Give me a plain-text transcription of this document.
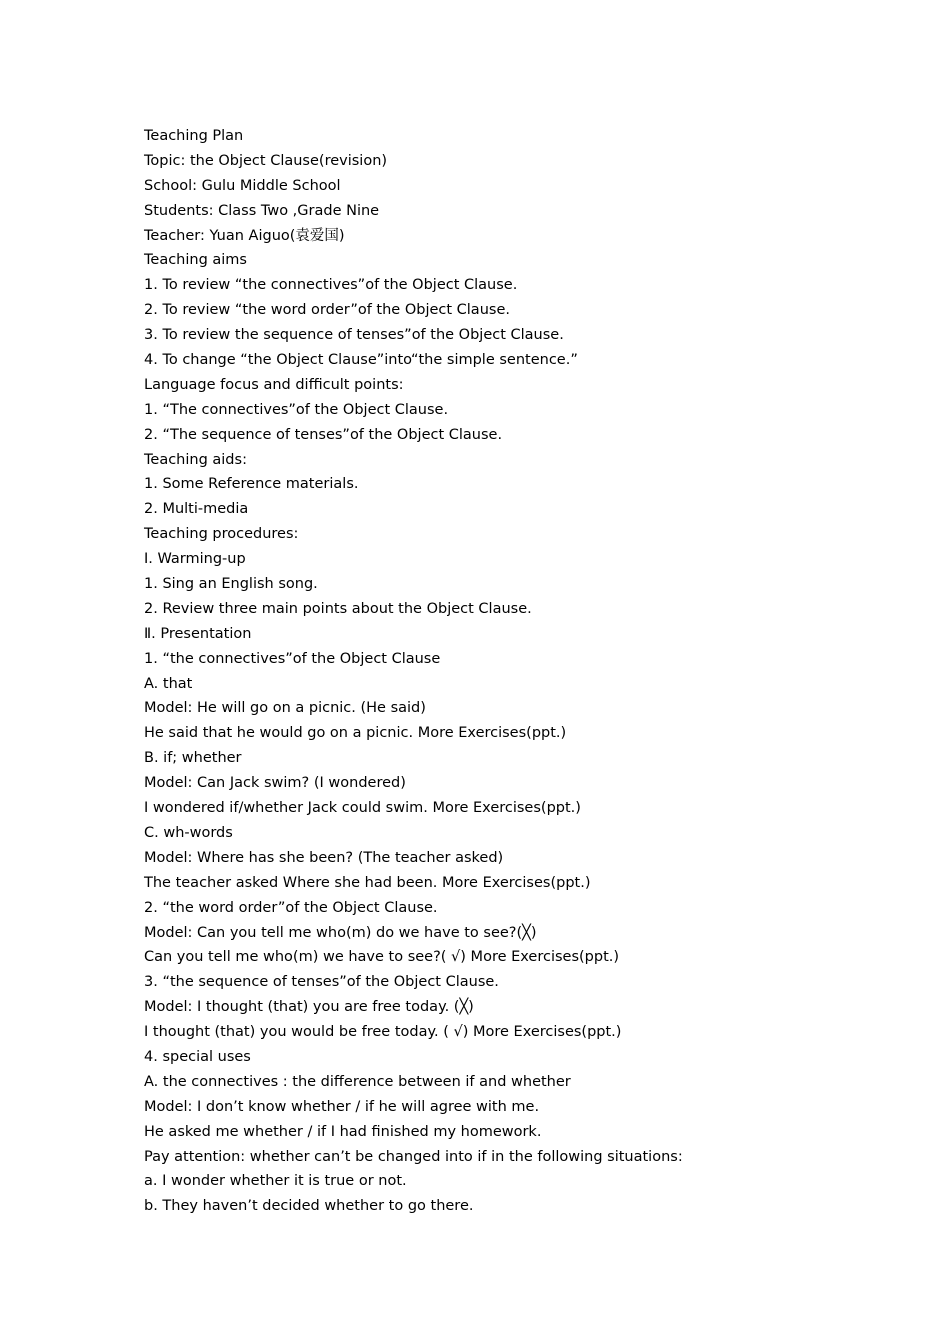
Teaching Plan
Topic: the Object Clause(revision)
School: Gulu Middle School
Students: Class Two ,Grade Nine
Teacher: Yuan Aiguo(袁爱国)
Teaching aims
1. To review “the connectives”of the Object Clause.
2. To review “the word order”of the Object Clause.
3. To review the sequence of tenses”of the Object Clause.
4. To change “the Object Clause”into“the simple sentence.”
Language focus and difficult points:
1. “The connectives”of the Object Clause.
2. “The sequence of tenses”of the Object Clause.
Teaching aids:
1. Some Reference materials.
2. Multi-media
Teaching procedures:
Ⅰ. Warming-up
1. Sing an English song.
2. Review three main points about the Object Clause.
Ⅱ. Presentation
1. “the connectives”of the Object Clause
A. that
Model: He will go on a picnic. (He said)
He said that he would go on a picnic. More Exercises(ppt.)
B. if; whether
Model: Can Jack swim? (I wondered)
I wondered if/whether Jack could swim. More Exercises(ppt.)
C. wh-words
Model: Where has she been? (The teacher asked)
The teacher asked Where she had been. More Exercises(ppt.)
2. “the word order”of the Object Clause.
Model: Can you tell me who(m) do we have to see?(╳)
Can you tell me who(m) we have to see?( √) More Exercises(ppt.)
3. “the sequence of tenses”of the Object Clause.
Model: I thought (that) you are free today. (╳)
I thought (that) you would be free today. ( √) More Exercises(ppt.)
4. special uses
A. the connectives : the difference between if and whether
Model: I don’t know whether / if he will agree with me.
He asked me whether / if I had finished my homework.
Pay attention: whether can’t be changed into if in the following situations:
a. I wonder whether it is true or not.
b. They haven’t decided whether to go there.
